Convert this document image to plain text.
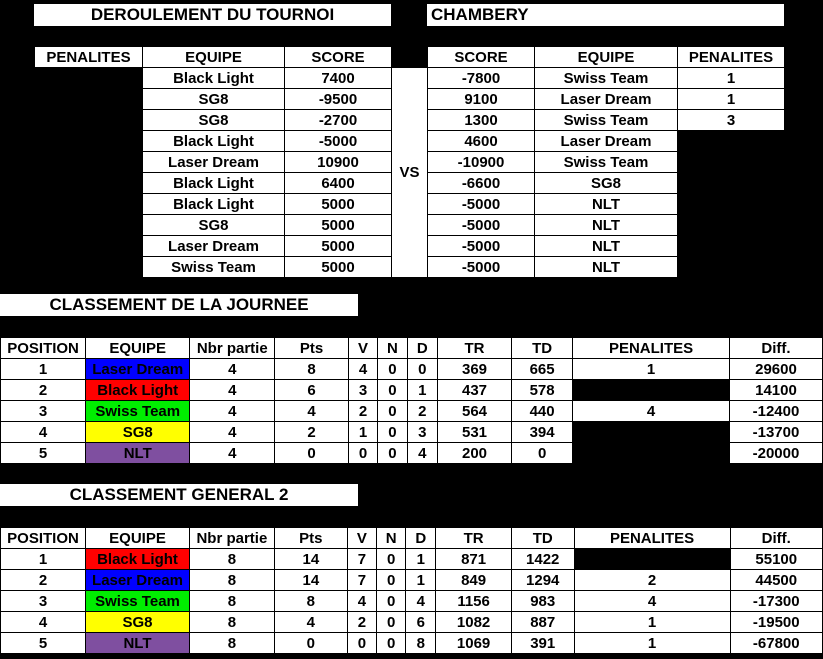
DEROULEMENT DU TOURNOI	CHAMBERY
PENALITES	EQUIPE	SCORE		SCORE	EQUIPE	PENALITES
	Black Light	7400	VS	-7800	Swiss Team	1
	SG8	-9500		9100	Laser Dream	1
	SG8	-2700		1300	Swiss Team	3
	Black Light	-5000		4600	Laser Dream	
	Laser Dream	10900		-10900	Swiss Team	
	Black Light	6400		-6600	SG8	
	Black Light	5000		-5000	NLT	
	SG8	5000		-5000	NLT	
	Laser Dream	5000		-5000	NLT	
	Swiss Team	5000		-5000	NLT	
CLASSEMENT DE LA JOURNEE
POSITION	EQUIPE	Nbr partie	Pts	V	N	D	TR	TD	PENALITES	Diff.
1	Laser Dream	4	8	4	0	0	369	665	1	29600
2	Black Light	4	6	3	0	1	437	578		14100
3	Swiss Team	4	4	2	0	2	564	440	4	-12400
4	SG8	4	2	1	0	3	531	394		-13700
5	NLT	4	0	0	0	4	200	0		-20000
CLASSEMENT GENERAL 2
POSITION	EQUIPE	Nbr partie	Pts	V	N	D	TR	TD	PENALITES	Diff.
1	Black Light	8	14	7	0	1	871	1422		55100
2	Laser Dream	8	14	7	0	1	849	1294	2	44500
3	Swiss Team	8	8	4	0	4	1156	983	4	-17300
4	SG8	8	4	2	0	6	1082	887	1	-19500
5	NLT	8	0	0	0	8	1069	391	1	-67800
